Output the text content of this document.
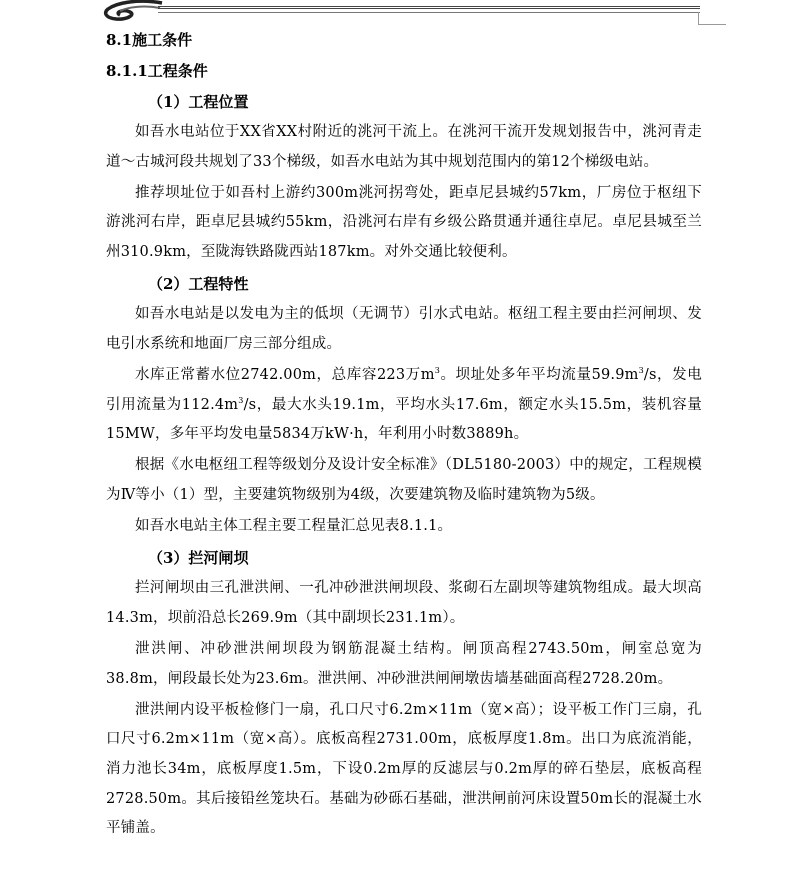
8.1施工条件
8.1.1工程条件
（1）工程位置

如吾水电站位于XX省XX村附近的洮河干流上。在洮河干流开发规划报告中，洮河青走道～古城河段共规划了33个梯级，如吾水电站为其中规划范围内的第12个梯级电站。

推荐坝址位于如吾村上游约300m洮河拐弯处，距卓尼县城约57km，厂房位于枢纽下游洮河右岸，距卓尼县城约55km，沿洮河右岸有乡级公路贯通并通往卓尼。卓尼县城至兰州310.9km，至陇海铁路陇西站187km。对外交通比较便利。

（2）工程特性

如吾水电站是以发电为主的低坝（无调节）引水式电站。枢纽工程主要由拦河闸坝、发电引水系统和地面厂房三部分组成。

水库正常蓄水位2742.00m，总库容223万$m^3$。坝址处多年平均流量$59.9m^3/s$，发电引用流量为$112.4m^3/s$，最大水头19.1m，平均水头17.6m，额定水头15.5m，装机容量15MW，多年平均发电量5834万kW·h，年利用小时数3889h。

根据《水电枢纽工程等级划分及设计安全标准》（DL5180-2003）中的规定，工程规模为Ⅳ等小（1）型，主要建筑物级别为4级，次要建筑物及临时建筑物为5级。

如吾水电站主体工程主要工程量汇总见表8.1.1。

（3）拦河闸坝

拦河闸坝由三孔泄洪闸、一孔冲砂泄洪闸坝段、浆砌石左副坝等建筑物组成。最大坝高14.3m，坝前沿总长269.9m（其中副坝长231.1m）。

泄洪闸、冲砂泄洪闸坝段为钢筋混凝土结构。闸顶高程2743.50m，闸室总宽为38.8m，闸段最长处为23.6m。泄洪闸、冲砂泄洪闸闸墩齿墙基础面高程2728.20m。

泄洪闸内设平板检修门一扇，孔口尺寸6.2m×11m（宽×高）；设平板工作门三扇，孔口尺寸6.2m×11m（宽×高）。底板高程2731.00m，底板厚度1.8m。出口为底流消能，消力池长34m，底板厚度1.5m，下设0.2m厚的反滤层与0.2m厚的碎石垫层，底板高程2728.50m。其后接铅丝笼块石。基础为砂砾石基础，泄洪闸前河床设置50m长的混凝土水平铺盖。
